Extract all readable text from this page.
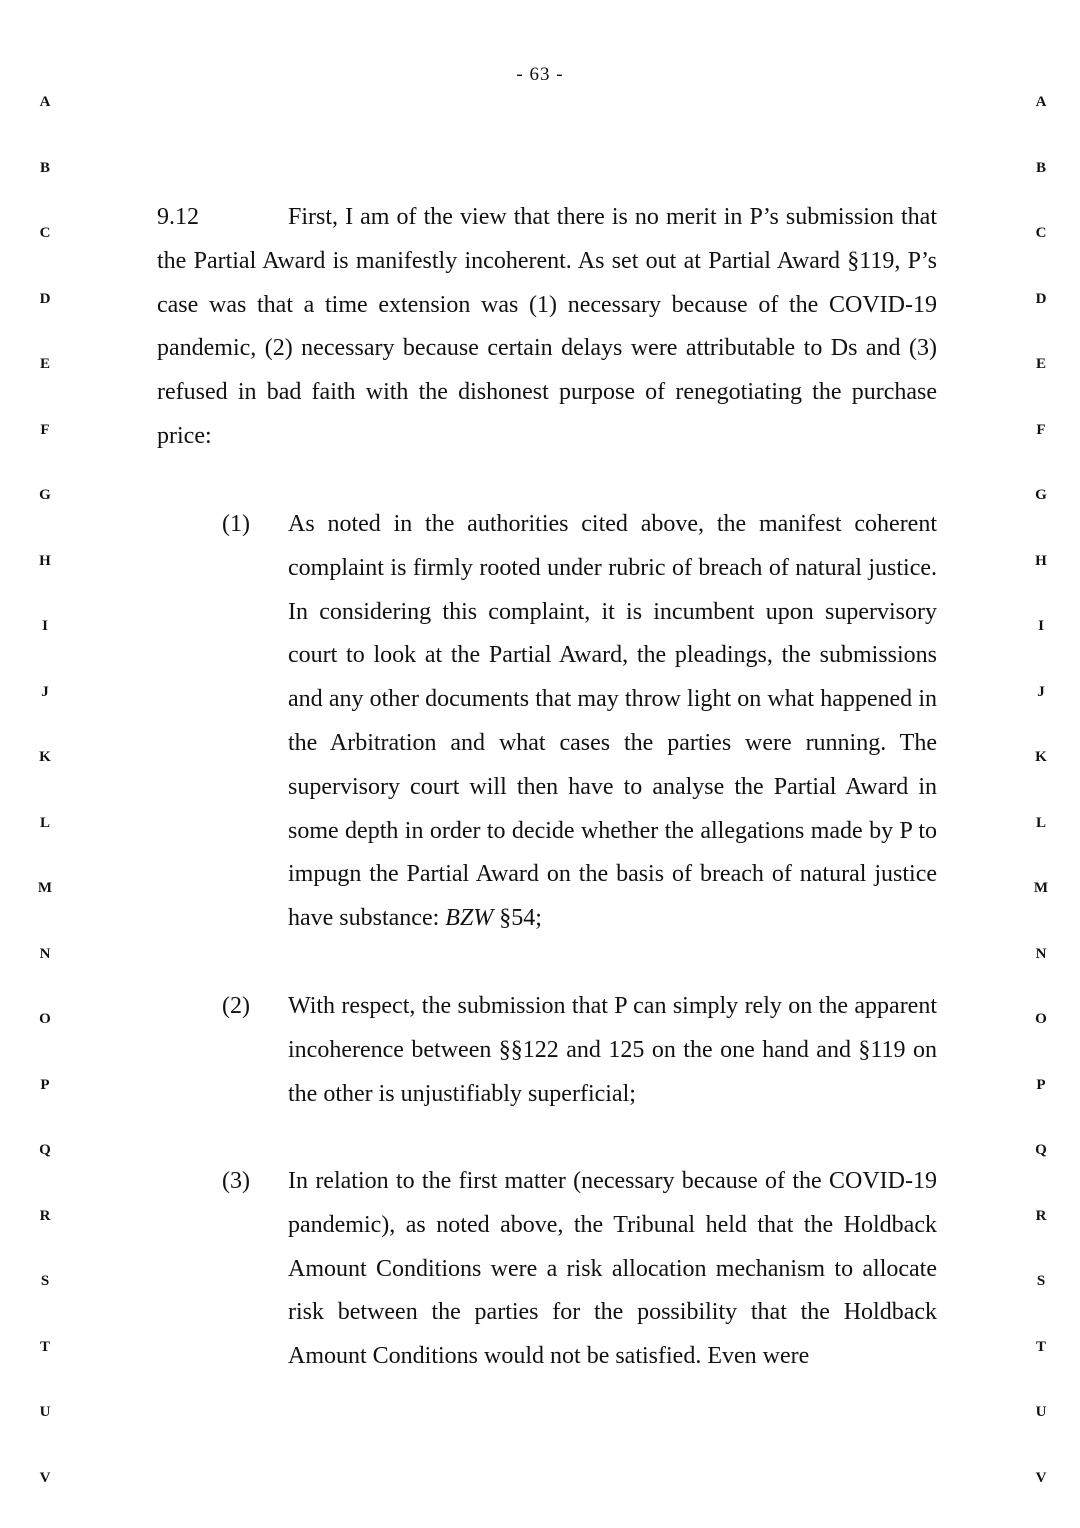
- 63 -
A
B
C
D
E
F
G
H
I
J
K
L
M
N
O
P
Q
R
S
T
U
V
A
B
C
D
E
F
G
H
I
J
K
L
M
N
O
P
Q
R
S
T
U
V

9.12	First, I am of the view that there is no merit in P’s submission that the Partial Award is manifestly incoherent. As set out at Partial Award §119, P’s case was that a time extension was (1) necessary because of the COVID-19 pandemic, (2) necessary because certain delays were attributable to Ds and (3) refused in bad faith with the dishonest purpose of renegotiating the purchase price:

(1)	As noted in the authorities cited above, the manifest coherent complaint is firmly rooted under rubric of breach of natural justice. In considering this complaint, it is incumbent upon supervisory court to look at the Partial Award, the pleadings, the submissions and any other documents that may throw light on what happened in the Arbitration and what cases the parties were running. The supervisory court will then have to analyse the Partial Award in some depth in order to decide whether the allegations made by P to impugn the Partial Award on the basis of breach of natural justice have substance: BZW §54;

(2)	With respect, the submission that P can simply rely on the apparent incoherence between §§122 and 125 on the one hand and §119 on the other is unjustifiably superficial;

(3)	In relation to the first matter (necessary because of the COVID-19 pandemic), as noted above, the Tribunal held that the Holdback Amount Conditions were a risk allocation mechanism to allocate risk between the parties for the possibility that the Holdback Amount Conditions would not be satisfied. Even were
